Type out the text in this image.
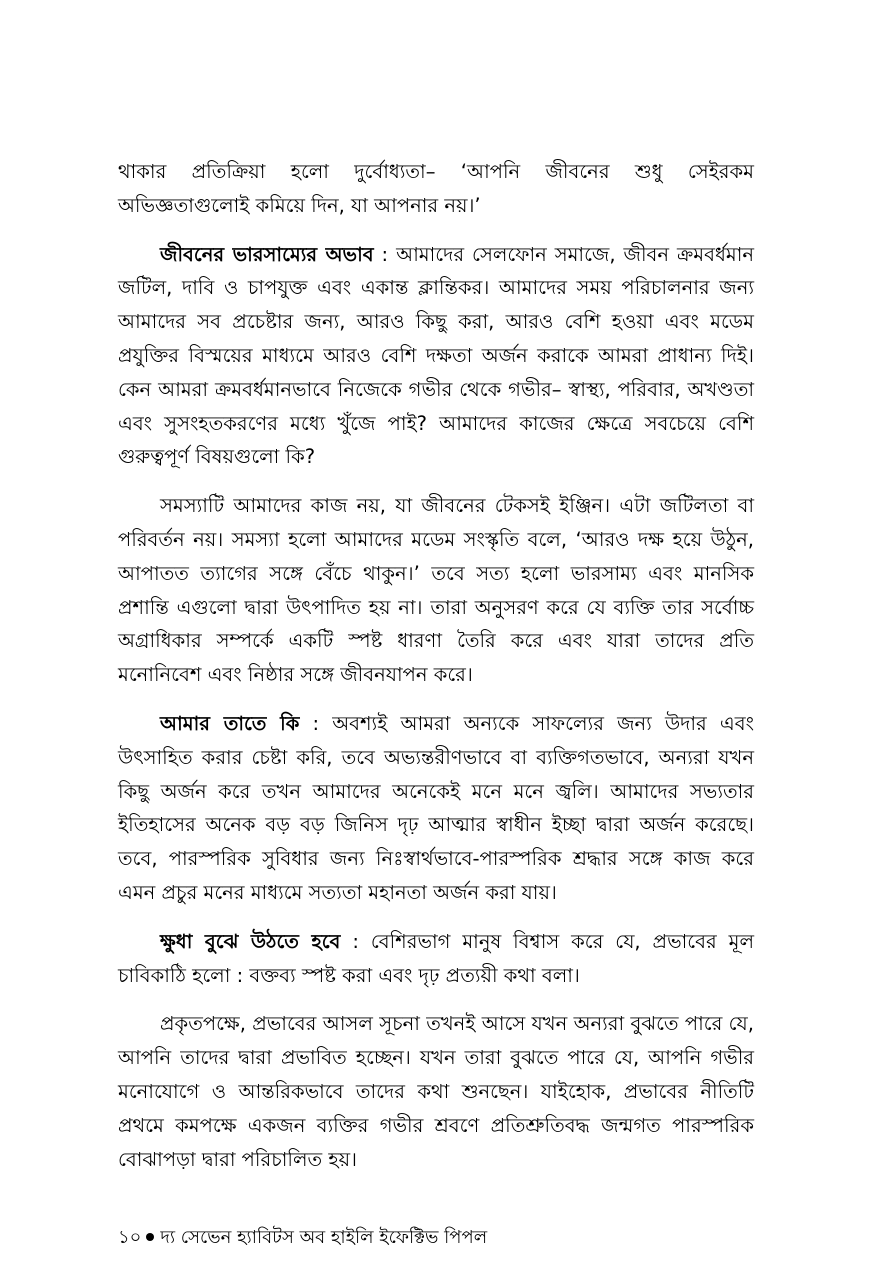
থাকার প্রতিক্রিয়া হলো দুর্বোধ্যতা– ‘আপনি জীবনের শুধু সেইরকম অভিজ্ঞতাগুলোই কমিয়ে দিন, যা আপনার নয়।’

জীবনের ভারসাম্যের অভাব : আমাদের সেলফোন সমাজে, জীবন ক্রমবর্ধমান জটিল, দাবি ও চাপযুক্ত এবং একান্ত ক্লান্তিকর। আমাদের সময় পরিচালনার জন্য আমাদের সব প্রচেষ্টার জন্য, আরও কিছু করা, আরও বেশি হওয়া এবং মডেম প্রযুক্তির বিস্ময়ের মাধ্যমে আরও বেশি দক্ষতা অর্জন করাকে আমরা প্রাধান্য দিই। কেন আমরা ক্রমবর্ধমানভাবে নিজেকে গভীর থেকে গভীর– স্বাস্থ্য, পরিবার, অখণ্ডতা এবং সুসংহতকরণের মধ্যে খুঁজে পাই? আমাদের কাজের ক্ষেত্রে সবচেয়ে বেশি গুরুত্বপূর্ণ বিষয়গুলো কি?

সমস্যাটি আমাদের কাজ নয়, যা জীবনের টেকসই ইঞ্জিন। এটা জটিলতা বা পরিবর্তন নয়। সমস্যা হলো আমাদের মডেম সংস্কৃতি বলে, ‘আরও দক্ষ হয়ে উঠুন, আপাতত ত্যাগের সঙ্গে বেঁচে থাকুন।’ তবে সত্য হলো ভারসাম্য এবং মানসিক প্রশান্তি এগুলো দ্বারা উৎপাদিত হয় না। তারা অনুসরণ করে যে ব্যক্তি তার সর্বোচ্চ অগ্রাধিকার সম্পর্কে একটি স্পষ্ট ধারণা তৈরি করে এবং যারা তাদের প্রতি মনোনিবেশ এবং নিষ্ঠার সঙ্গে জীবনযাপন করে।

আমার তাতে কি : অবশ্যই আমরা অন্যকে সাফল্যের জন্য উদার এবং উৎসাহিত করার চেষ্টা করি, তবে অভ্যন্তরীণভাবে বা ব্যক্তিগতভাবে, অন্যরা যখন কিছু অর্জন করে তখন আমাদের অনেকেই মনে মনে জ্বলি। আমাদের সভ্যতার ইতিহাসের অনেক বড় বড় জিনিস দৃঢ় আত্মার স্বাধীন ইচ্ছা দ্বারা অর্জন করেছে। তবে, পারস্পরিক সুবিধার জন্য নিঃস্বার্থভাবে-পারস্পরিক শ্রদ্ধার সঙ্গে কাজ করে এমন প্রচুর মনের মাধ্যমে সত্যতা মহানতা অর্জন করা যায়।

ক্ষুধা বুঝে উঠতে হবে : বেশিরভাগ মানুষ বিশ্বাস করে যে, প্রভাবের মূল চাবিকাঠি হলো : বক্তব্য স্পষ্ট করা এবং দৃঢ় প্রত্যয়ী কথা বলা।

প্রকৃতপক্ষে, প্রভাবের আসল সূচনা তখনই আসে যখন অন্যরা বুঝতে পারে যে, আপনি তাদের দ্বারা প্রভাবিত হচ্ছেন। যখন তারা বুঝতে পারে যে, আপনি গভীর মনোযোগে ও আন্তরিকভাবে তাদের কথা শুনছেন। যাইহোক, প্রভাবের নীতিটি প্রথমে কমপক্ষে একজন ব্যক্তির গভীর শ্রবণে প্রতিশ্রুতিবদ্ধ জন্মগত পারস্পরিক বোঝাপড়া দ্বারা পরিচালিত হয়।

১০ দ্য সেভেন হ্যাবিটস অব হাইলি ইফেক্টিভ পিপল
